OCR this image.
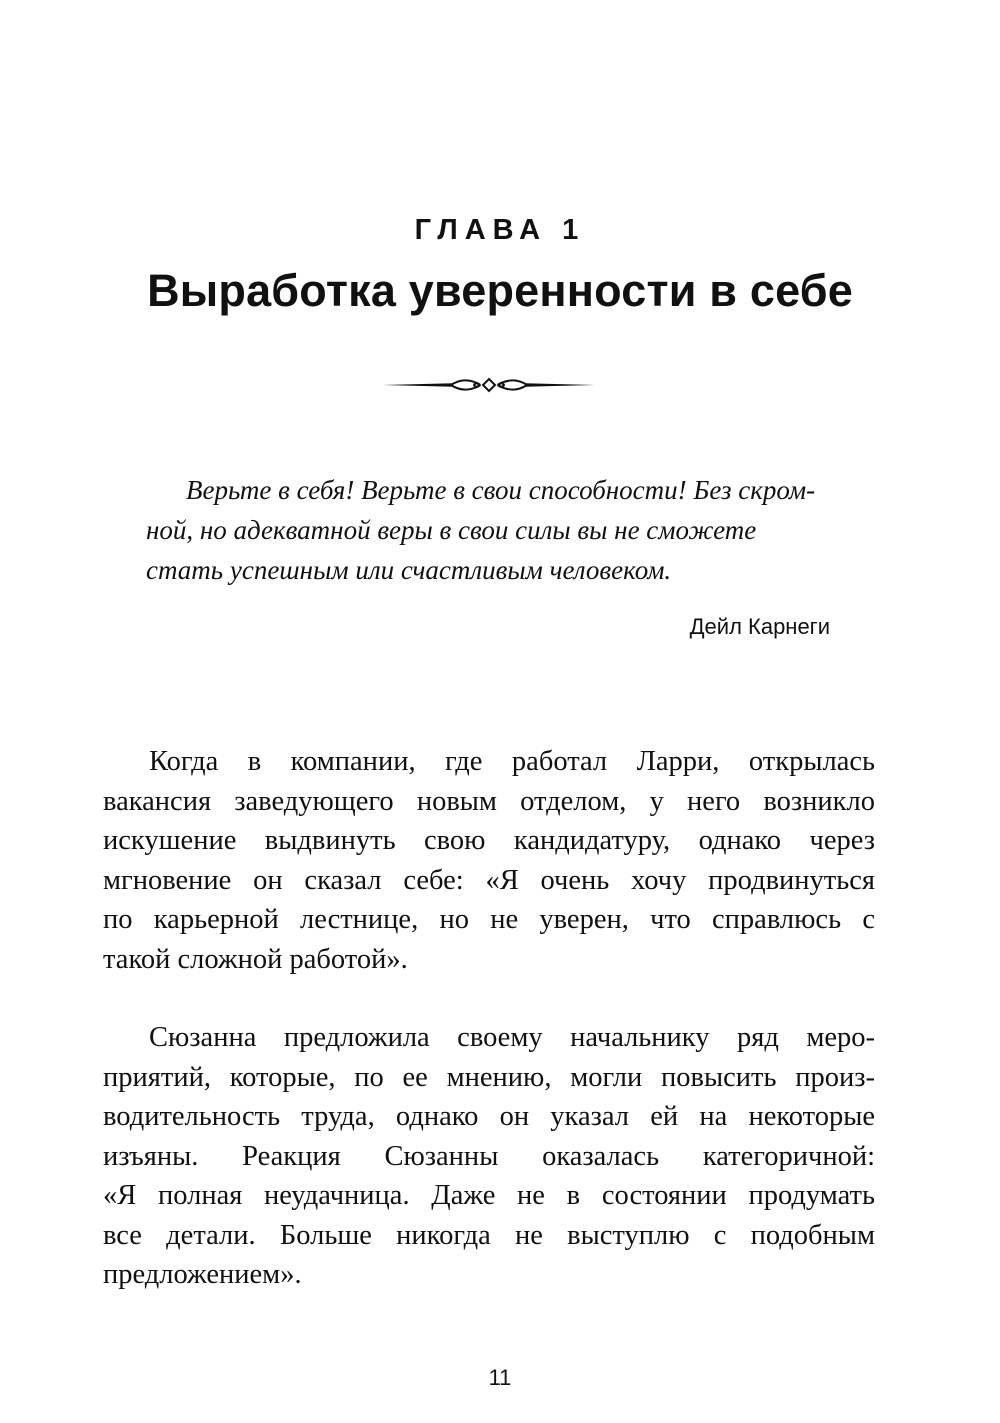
ГЛАВА 1
Выработка уверенности в себе
Верьте в себя! Верьте в свои способности! Без скром-
ной, но адекватной веры в свои силы вы не сможете
стать успешным или счастливым человеком.
Дейл Карнеги
Когда в компании, где работал Ларри, открылась
вакансия заведующего новым отделом, у него возникло
искушение выдвинуть свою кандидатуру, однако через
мгновение он сказал себе: «Я очень хочу продвинуться
по карьерной лестнице, но не уверен, что справлюсь с
такой сложной работой».
Сюзанна предложила своему начальнику ряд меро-
приятий, которые, по ее мнению, могли повысить произ-
водительность труда, однако он указал ей на некоторые
изъяны. Реакция Сюзанны оказалась категоричной:
«Я полная неудачница. Даже не в состоянии продумать
все детали. Больше никогда не выступлю с подобным
предложением».
11
